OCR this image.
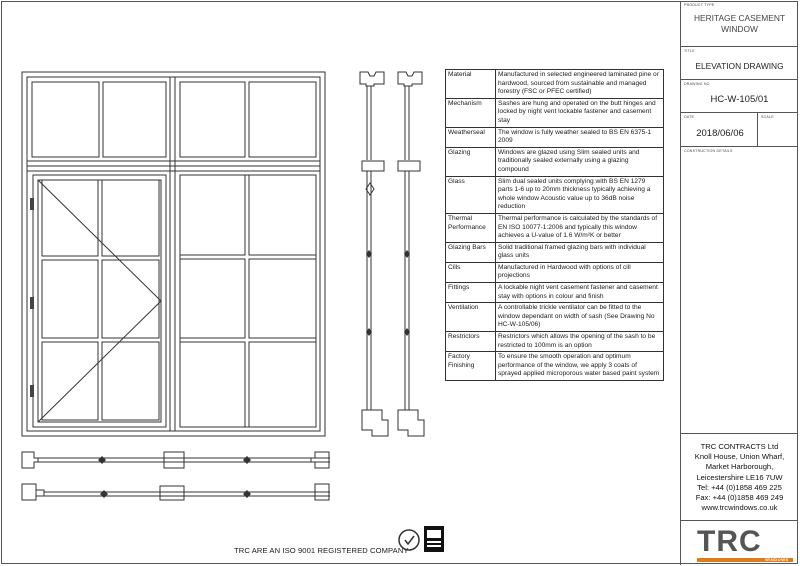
Material	Manufactured in selected engineered laminated pine or hardwood, sourced from sustainable and managed forestry (FSC or PFEC certified)
Mechanism	Sashes are hung and operated on the butt hinges and locked by night vent lockable fastener and casement stay
Weatherseal	The window is fully weather sealed to BS EN 6375-1 2009
Glazing	Windows are glazed using Slim sealed units and traditionally sealed externally using a glazing compound
Glass	Slim dual sealed units complying with BS EN 1279 parts 1-6 up to 20mm thickness typically achieving a whole window Acoustic value up to 36dB noise reduction
Thermal Performance	Thermal performance is calculated by the standards of EN ISO 10077-1:2006 and typically this window achieves a U-value of 1.6 W/m²K or better
Glazing Bars	Solid traditional framed glazing bars with individual glass units
Cills	Manufactured in Hardwood with options of cill projections
Fittings	A lockable night vent casement fastener and casement stay with options in colour and finish
Ventilation	A controllable trickle ventilator can be fitted to the window dependant on width of sash (See Drawing No HC-W-105/06)
Restrictors	Restrictors which allows the opening of the sash to be restricted to 100mm is an option
Factory Finishing	To ensure the smooth operation and optimum performance of the window, we apply 3 coats of sprayed applied microporous water based paint system
TRC ARE AN ISO 9001 REGISTERED COMPANY
PRODUCT TYPE
HERITAGE CASEMENT WINDOW
TITLE
ELEVATION DRAWING
DRAWING NO
HC-W-105/01
DATE	SCALE
2018/06/06
CONSTRUCTION DETAILS
TRC CONTRACTS Ltd
Knoll House, Union Wharf,
Market Harborough,
Leicestershire LE16 7UW
Tel: +44 (0)1858 469 225
Fax: +44 (0)1858 469 249
www.trcwindows.co.uk
TRC
WINDOWS
